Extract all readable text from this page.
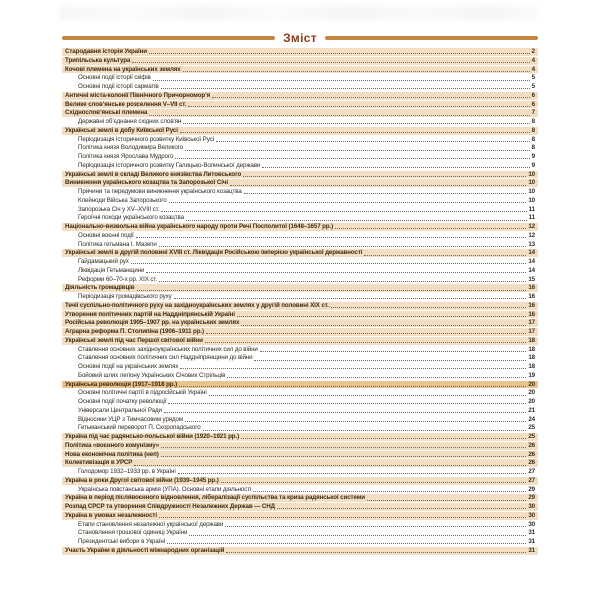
Зміст
Стародавня історія України	2
Трипільська культура	4
Кочові племена на українських землях	4
Основні події історії скіфів	5
Основні події історії сарматів	5
Античні міста-колонії Північного Причорномор’я	6
Велике слов’янське розселення V–VII ст.	6
Східнослов’янські племена	7
Державні об’єднання східних слов’ян	8
Українські землі в добу Київської Русі	8
Періодизація історичного розвитку Київської Русі	8
Політика князя Володимира Великого	8
Політика князя Ярослава Мудрого	9
Періодизація історичного розвитку Галицько-Волинської держави	9
Українські землі в складі Великого князівства Литовського	10
Виникнення українського козацтва та Запорозької Січі	10
Причини та передумови виникнення українського козацтва	10
Клейноди Війська Запорозького	10
Запорозька Січ у XV–XVIII ст.	11
Героїчні походи українського козацтва	11
Національно-визвольна війна українського народу проти Речі Посполитої (1648–1657 рр.)	12
Основні воєнні події	12
Політика гетьмана І. Мазепи	13
Українські землі в другій половині XVIII ст. Ліквідація Російською імперією української державності	14
Гайдамацький рух	14
Ліквідація Гетьманщини	14
Реформи 60–70-х рр. XIX ст.	15
Діяльність громадівців	16
Періодизація громадівського руху	16
Течії суспільно-політичного руху на західноукраїнських землях у другій половині XIX ст.	16
Утворення політичних партій на Наддніпрянській Україні	16
Російська революція 1905–1907 рр. на українських землях	17
Аграрна реформа П. Столипіна (1906–1911 рр.)	17
Українські землі під час Першої світової війни	18
Ставлення основних західноукраїнських політичних сил до війни	18
Ставлення основних політичних сил Наддніпрянщини до війни	18
Основні події на українських землях	18
Бойовий шлях легіону Українських Січових Стрільців	19
Українська революція (1917–1918 рр.)	20
Основні політичні партії в підросійській Україні	20
Основні події початку революції	20
Універсали Центральної Ради	21
Відносини УЦР з Тимчасовим урядом	24
Гетьманський переворот П. Скоропадського	25
Україна під час радянсько-польської війни (1920–1921 рр.)	25
Політика «воєнного комунізму»	26
Нова економічна політика (неп)	26
Колективізація в УРСР	26
Голодомор 1932–1933 рр. в Україні	27
Україна в роки Другої світової війни (1939–1945 рр.)	27
Українська повстанська армія (УПА). Основні етапи діяльності	29
Україна в період післявоєнного відновлення, лібералізації суспільства та криза радянської системи	29
Розпад СРСР та утворення Співдружності Незалежних Держав — СНД	30
Україна в умовах незалежності	30
Етапи становлення незалежної української держави	30
Становлення грошової одиниці України	31
Президентські вибори в Україні	31
Участь України в діяльності міжнародних організацій	31
